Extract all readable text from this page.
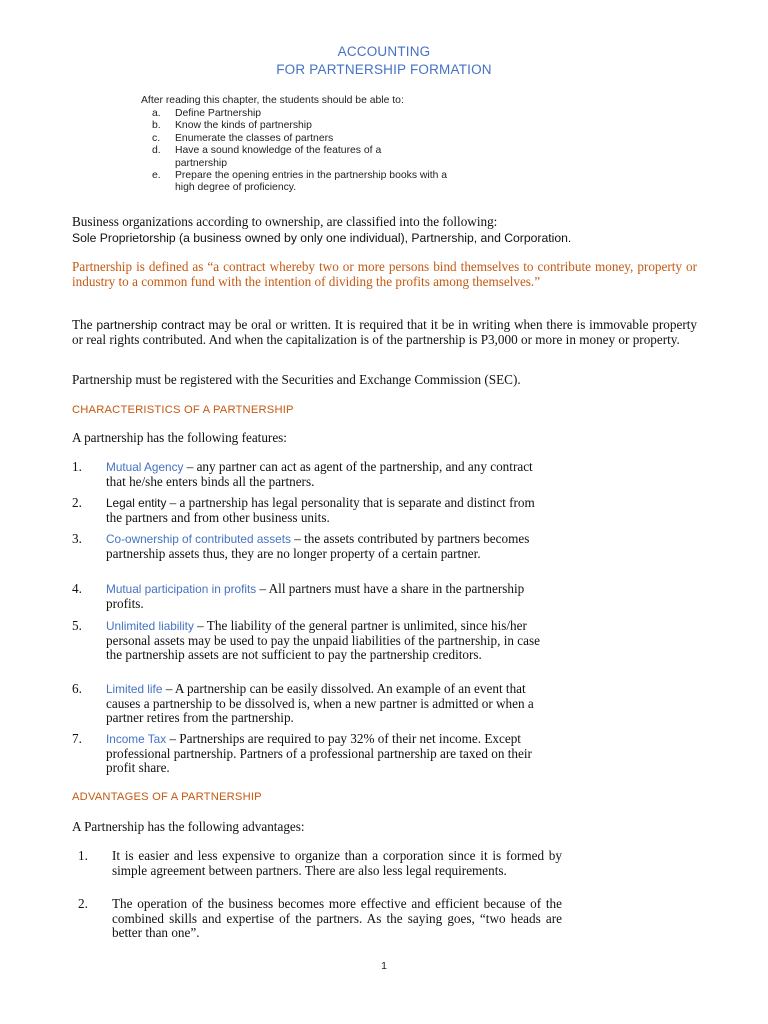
ACCOUNTING
FOR PARTNERSHIP FORMATION
After reading this chapter, the students should be able to:
a. Define Partnership
b. Know the kinds of partnership
c. Enumerate the classes of partners
d. Have a sound knowledge of the features of a partnership
e. Prepare the opening entries in the partnership books with a high degree of proficiency.
Business organizations according to ownership, are classified into the following:
Sole Proprietorship (a business owned by only one individual), Partnership, and Corporation.
Partnership is defined as “a contract whereby two or more persons bind themselves to contribute money, property or industry to a common fund with the intention of dividing the profits among themselves.”
The partnership contract may be oral or written. It is required that it be in writing when there is immovable property or real rights contributed. And when the capitalization is of the partnership is P3,000 or more in money or property.
Partnership must be registered with the Securities and Exchange Commission (SEC).
CHARACTERISTICS OF A PARTNERSHIP
A partnership has the following features:
1. Mutual Agency – any partner can act as agent of the partnership, and any contract that he/she enters binds all the partners.
2. Legal entity – a partnership has legal personality that is separate and distinct from the partners and from other business units.
3. Co-ownership of contributed assets – the assets contributed by partners becomes partnership assets thus, they are no longer property of a certain partner.
4. Mutual participation in profits – All partners must have a share in the partnership profits.
5. Unlimited liability – The liability of the general partner is unlimited, since his/her personal assets may be used to pay the unpaid liabilities of the partnership, in case the partnership assets are not sufficient to pay the partnership creditors.
6. Limited life – A partnership can be easily dissolved. An example of an event that causes a partnership to be dissolved is, when a new partner is admitted or when a partner retires from the partnership.
7. Income Tax – Partnerships are required to pay 32% of their net income. Except professional partnership. Partners of a professional partnership are taxed on their profit share.
ADVANTAGES OF A PARTNERSHIP
A Partnership has the following advantages:
1. It is easier and less expensive to organize than a corporation since it is formed by simple agreement between partners. There are also less legal requirements.
2. The operation of the business becomes more effective and efficient because of the combined skills and expertise of the partners. As the saying goes, “two heads are better than one”.
1
